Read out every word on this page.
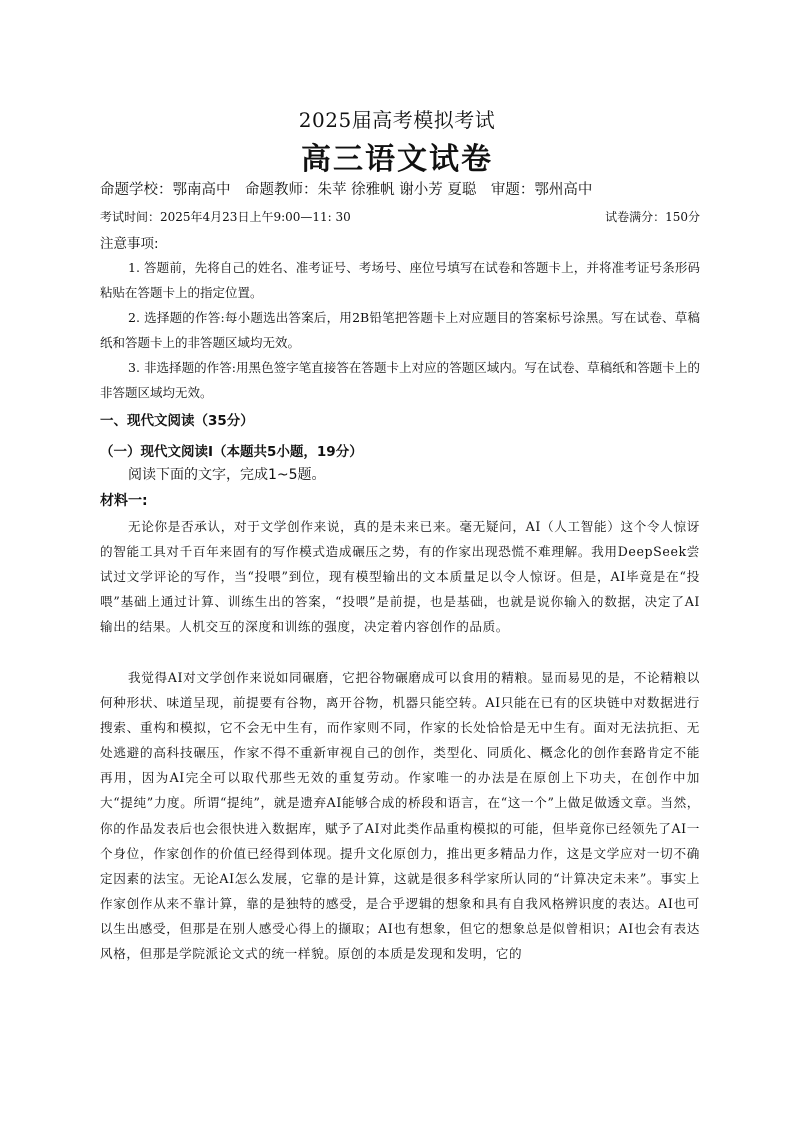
2025届高考模拟考试
高三语文试卷
命题学校：鄂南高中　命题教师：朱苹 徐雅帆 谢小芳 夏聪　审题：鄂州高中
考试时间：2025年4月23日上午9:00—11: 30	试卷满分：150分
注意事项:
1. 答题前，先将自己的姓名、准考证号、考场号、座位号填写在试卷和答题卡上，并将准考证号条形码粘贴在答题卡上的指定位置。
2. 选择题的作答:每小题选出答案后，用2B铅笔把答题卡上对应题目的答案标号涂黑。写在试卷、草稿纸和答题卡上的非答题区域均无效。
3. 非选择题的作答:用黑色签字笔直接答在答题卡上对应的答题区域内。写在试卷、草稿纸和答题卡上的非答题区域均无效。
一、现代文阅读（35分）
（一）现代文阅读Ⅰ（本题共5小题，19分）
阅读下面的文字，完成1~5题。
材料一:
无论你是否承认，对于文学创作来说，真的是未来已来。毫无疑问，AI（人工智能）这个令人惊讶的智能工具对千百年来固有的写作模式造成碾压之势，有的作家出现恐慌不难理解。我用DeepSeek尝试过文学评论的写作，当“投喂”到位，现有模型输出的文本质量足以令人惊讶。但是，AI毕竟是在“投喂”基础上通过计算、训练生出的答案，“投喂”是前提，也是基础，也就是说你输入的数据，决定了AI输出的结果。人机交互的深度和训练的强度，决定着内容创作的品质。
我觉得AI对文学创作来说如同碾磨，它把谷物碾磨成可以食用的精粮。显而易见的是，不论精粮以何种形状、味道呈现，前提要有谷物，离开谷物，机器只能空转。AI只能在已有的区块链中对数据进行搜索、重构和模拟，它不会无中生有，而作家则不同，作家的长处恰恰是无中生有。面对无法抗拒、无处逃避的高科技碾压，作家不得不重新审视自己的创作，类型化、同质化、概念化的创作套路肯定不能再用，因为AI完全可以取代那些无效的重复劳动。作家唯一的办法是在原创上下功夫，在创作中加大“提纯”力度。所谓“提纯”，就是遗弃AI能够合成的桥段和语言，在“这一个”上做足做透文章。当然，你的作品发表后也会很快进入数据库，赋予了AI对此类作品重构模拟的可能，但毕竟你已经领先了AI一个身位，作家创作的价值已经得到体现。提升文化原创力，推出更多精品力作，这是文学应对一切不确定因素的法宝。无论AI怎么发展，它靠的是计算，这就是很多科学家所认同的“计算决定未来”。事实上作家创作从来不靠计算，靠的是独特的感受，是合乎逻辑的想象和具有自我风格辨识度的表达。AI也可以生出感受，但那是在别人感受心得上的撷取；AI也有想象，但它的想象总是似曾相识；AI也会有表达风格，但那是学院派论文式的统一样貌。原创的本质是发现和发明，它的
